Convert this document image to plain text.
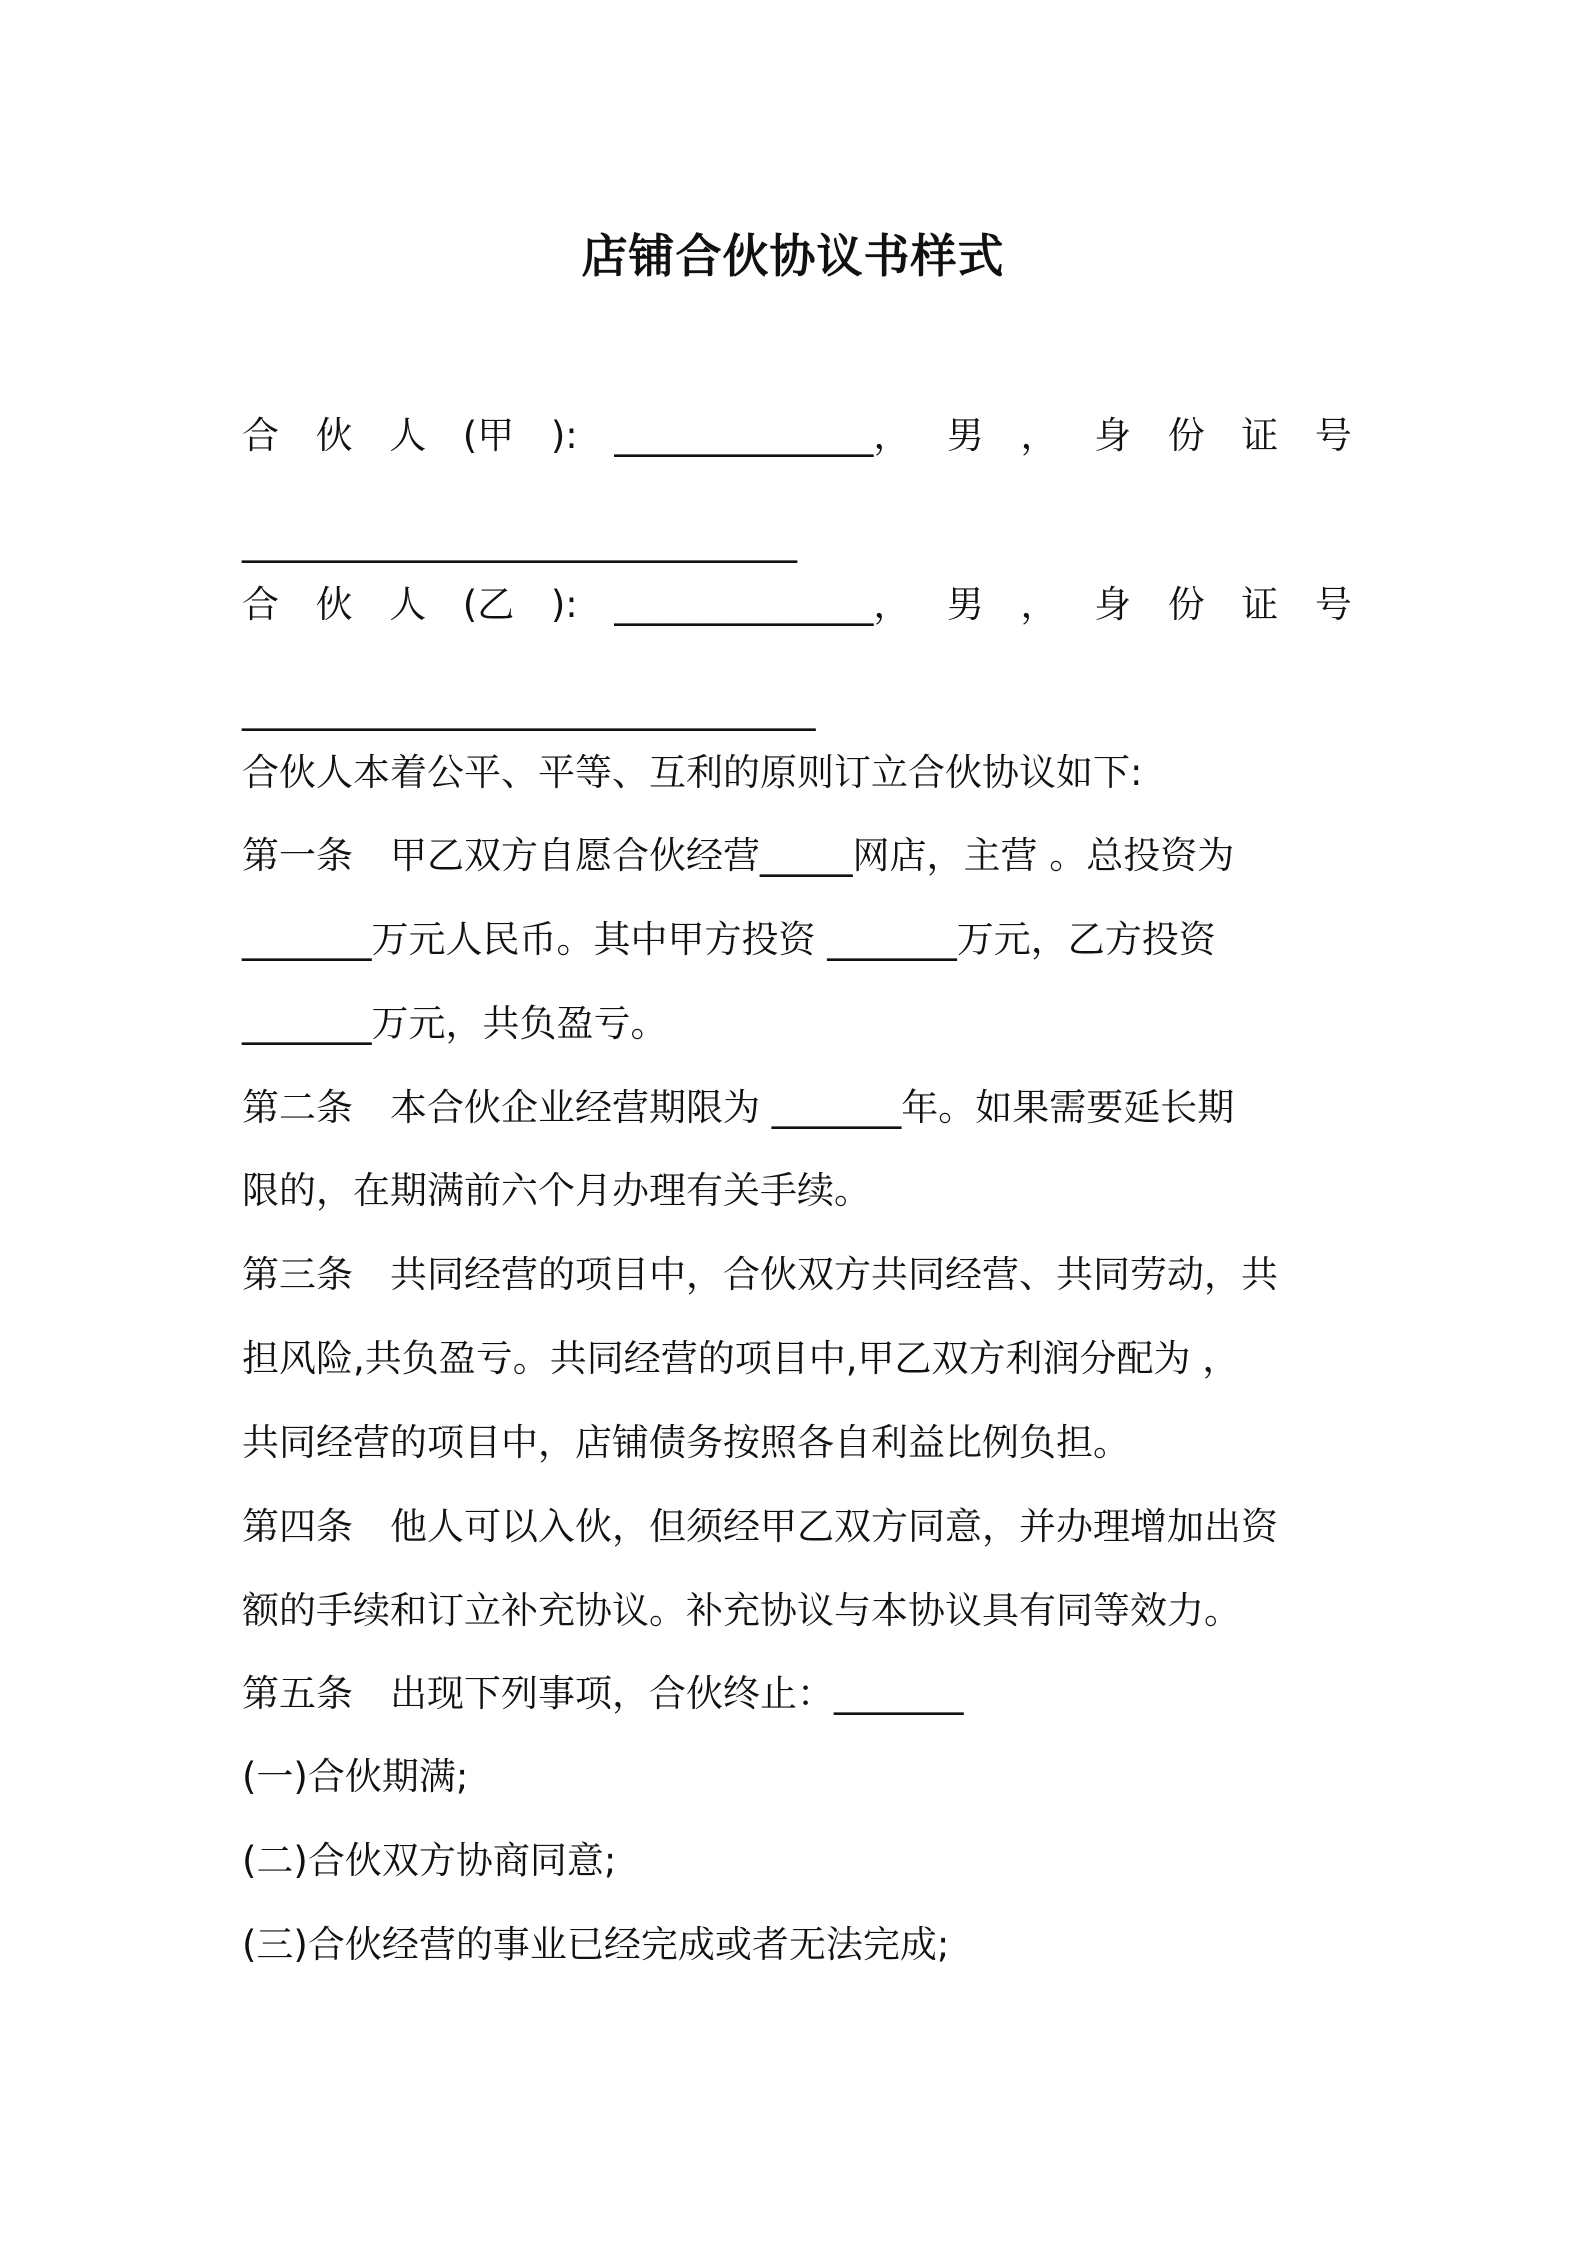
店铺合伙协议书样式
合 伙 人 (甲 ): ______________， 男 ， 身 份 证 号
______________________________
合 伙 人 (乙 ): ______________， 男 ， 身 份 证 号
_______________________________
合伙人本着公平、平等、互利的原则订立合伙协议如下:
第一条　甲乙双方自愿合伙经营_____网店，主营 。总投资为
_______万元人民币。其中甲方投资 _______万元，乙方投资
_______万元，共负盈亏。
第二条　本合伙企业经营期限为 _______年。如果需要延长期
限的，在期满前六个月办理有关手续。
第三条　共同经营的项目中，合伙双方共同经营、共同劳动，共
担风险,共负盈亏。共同经营的项目中,甲乙双方利润分配为 ，
共同经营的项目中，店铺债务按照各自利益比例负担。
第四条　他人可以入伙，但须经甲乙双方同意，并办理增加出资
额的手续和订立补充协议。补充协议与本协议具有同等效力。
第五条　出现下列事项，合伙终止：_______
(一)合伙期满;
(二)合伙双方协商同意;
(三)合伙经营的事业已经完成或者无法完成;
